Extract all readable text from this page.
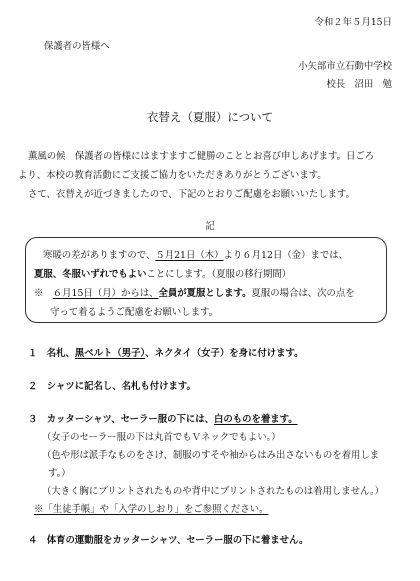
令和２年５月15日
保護者の皆様へ
小矢部市立石動中学校
校長　沼田　勉
衣替え（夏服）について
薫風の候　保護者の皆様にはますますご健勝のこととお喜び申しあげます。日ごろ
より、本校の教育活動にご支援ご協力をいただきありがとうございます。
さて、衣替えが近づきましたので、下記のとおりご配慮をお願いいたします。
記
寒暖の差がありますので、５月21日（木）より６月12日（金）までは、
夏服、冬服いずれでもよいことにします。（夏服の移行期間）
※　６月15日（月）からは、全員が夏服とします。夏服の場合は、次の点を
守って着るようご配慮をお願いします。
１　名札、黒ベルト（男子）、ネクタイ（女子）を身に付けます。
２　シャツに記名し、名札も付けます。
３　カッターシャツ、セーラー服の下には、白のものを着ます。
（女子のセーラー服の下は丸首でもＶネックでもよい。）
（色や形は派手なものをさけ、制服のすそや袖からはみ出さないものを着用しま
す。）
（大きく胸にプリントされたものや背中にプリントされたものは着用しません。）
※「生徒手帳」や「入学のしおり」をご参照ください。
４　体育の運動服をカッターシャツ、セーラー服の下に着ません。
